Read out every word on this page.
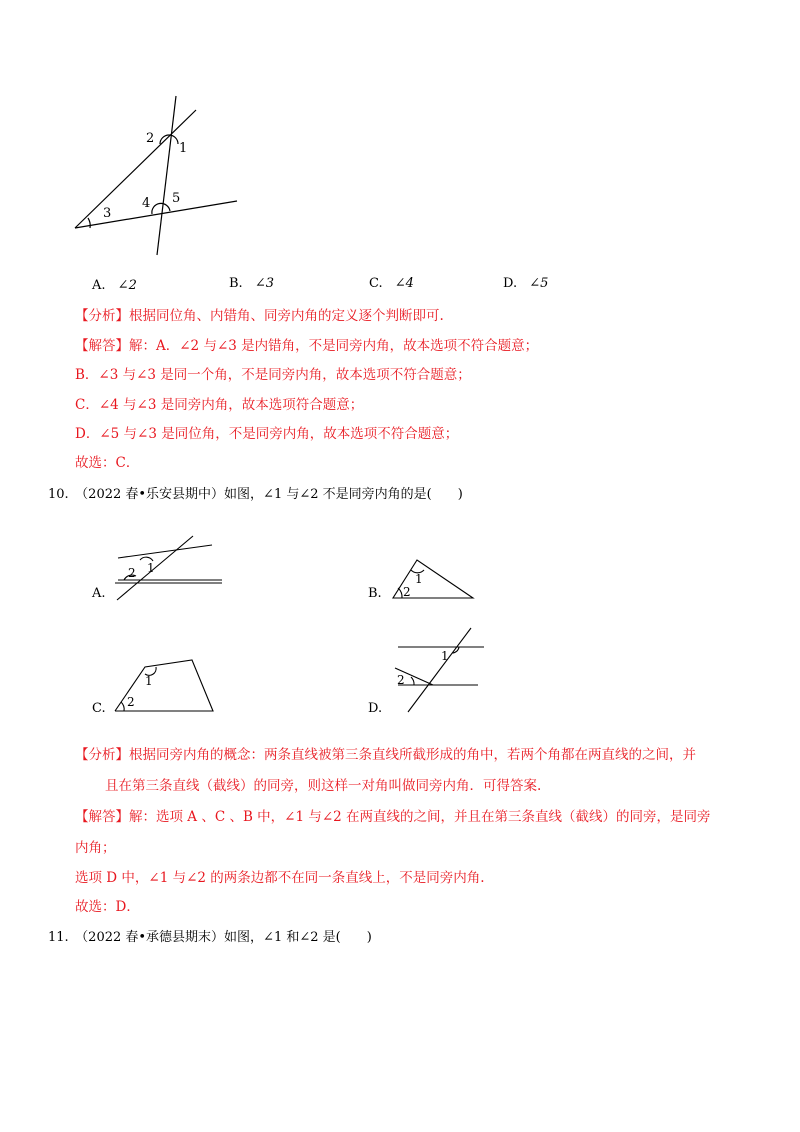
2
1
3
4 5
A. ∠2	B. ∠3	C. ∠4	D. ∠5
【分析】根据同位角、内错角、同旁内角的定义逐个判断即可.
【解答】解：A．∠2 与∠3 是内错角，不是同旁内角，故本选项不符合题意；
B．∠3 与∠3 是同一个角，不是同旁内角，故本选项不符合题意；
C．∠4 与∠3 是同旁内角，故本选项符合题意；
D．∠5 与∠3 是同位角，不是同旁内角，故本选项不符合题意；
故选：C．
10.　（2022 春•乐安县期中）如图，∠1 与∠2 不是同旁内角的是(　　)
1
2	1
2
1
2
1
2
A.	B.
C.	D.
【分析】根据同旁内角的概念：两条直线被第三条直线所截形成的角中，若两个角都在两直线的之间，并
且在第三条直线（截线）的同旁，则这样一对角叫做同旁内角．可得答案.
【解答】解：选项 A 、C 、B 中，∠1 与∠2 在两直线的之间，并且在第三条直线（截线）的同旁，是同旁
内角；
选项 D 中，∠1 与∠2 的两条边都不在同一条直线上，不是同旁内角.
故选：D．
11.　（2022 春•承德县期末）如图，∠1 和∠2 是(　　)
